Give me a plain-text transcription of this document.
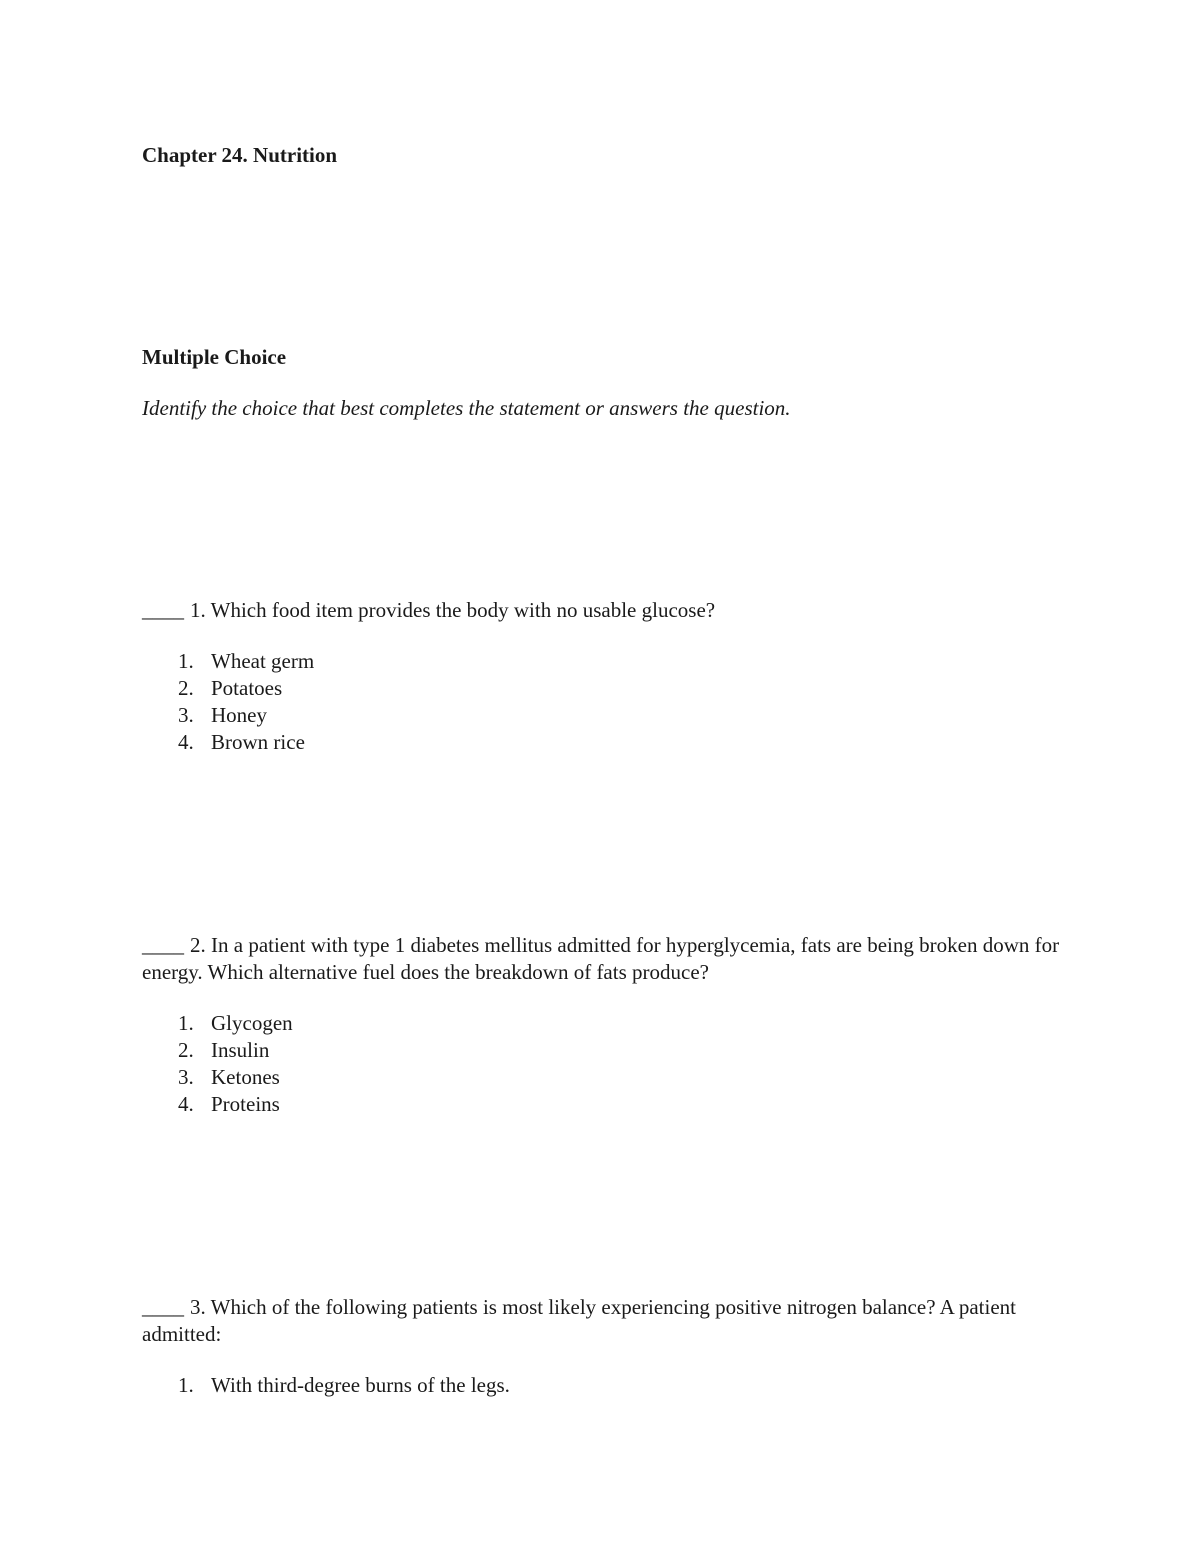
Chapter 24. Nutrition
Multiple Choice
Identify the choice that best completes the statement or answers the question.
____ 1. Which food item provides the body with no usable glucose?
1. Wheat germ
2. Potatoes
3. Honey
4. Brown rice
____ 2. In a patient with type 1 diabetes mellitus admitted for hyperglycemia, fats are being broken down for energy. Which alternative fuel does the breakdown of fats produce?
1. Glycogen
2. Insulin
3. Ketones
4. Proteins
____ 3. Which of the following patients is most likely experiencing positive nitrogen balance? A patient admitted:
1. With third-degree burns of the legs.
